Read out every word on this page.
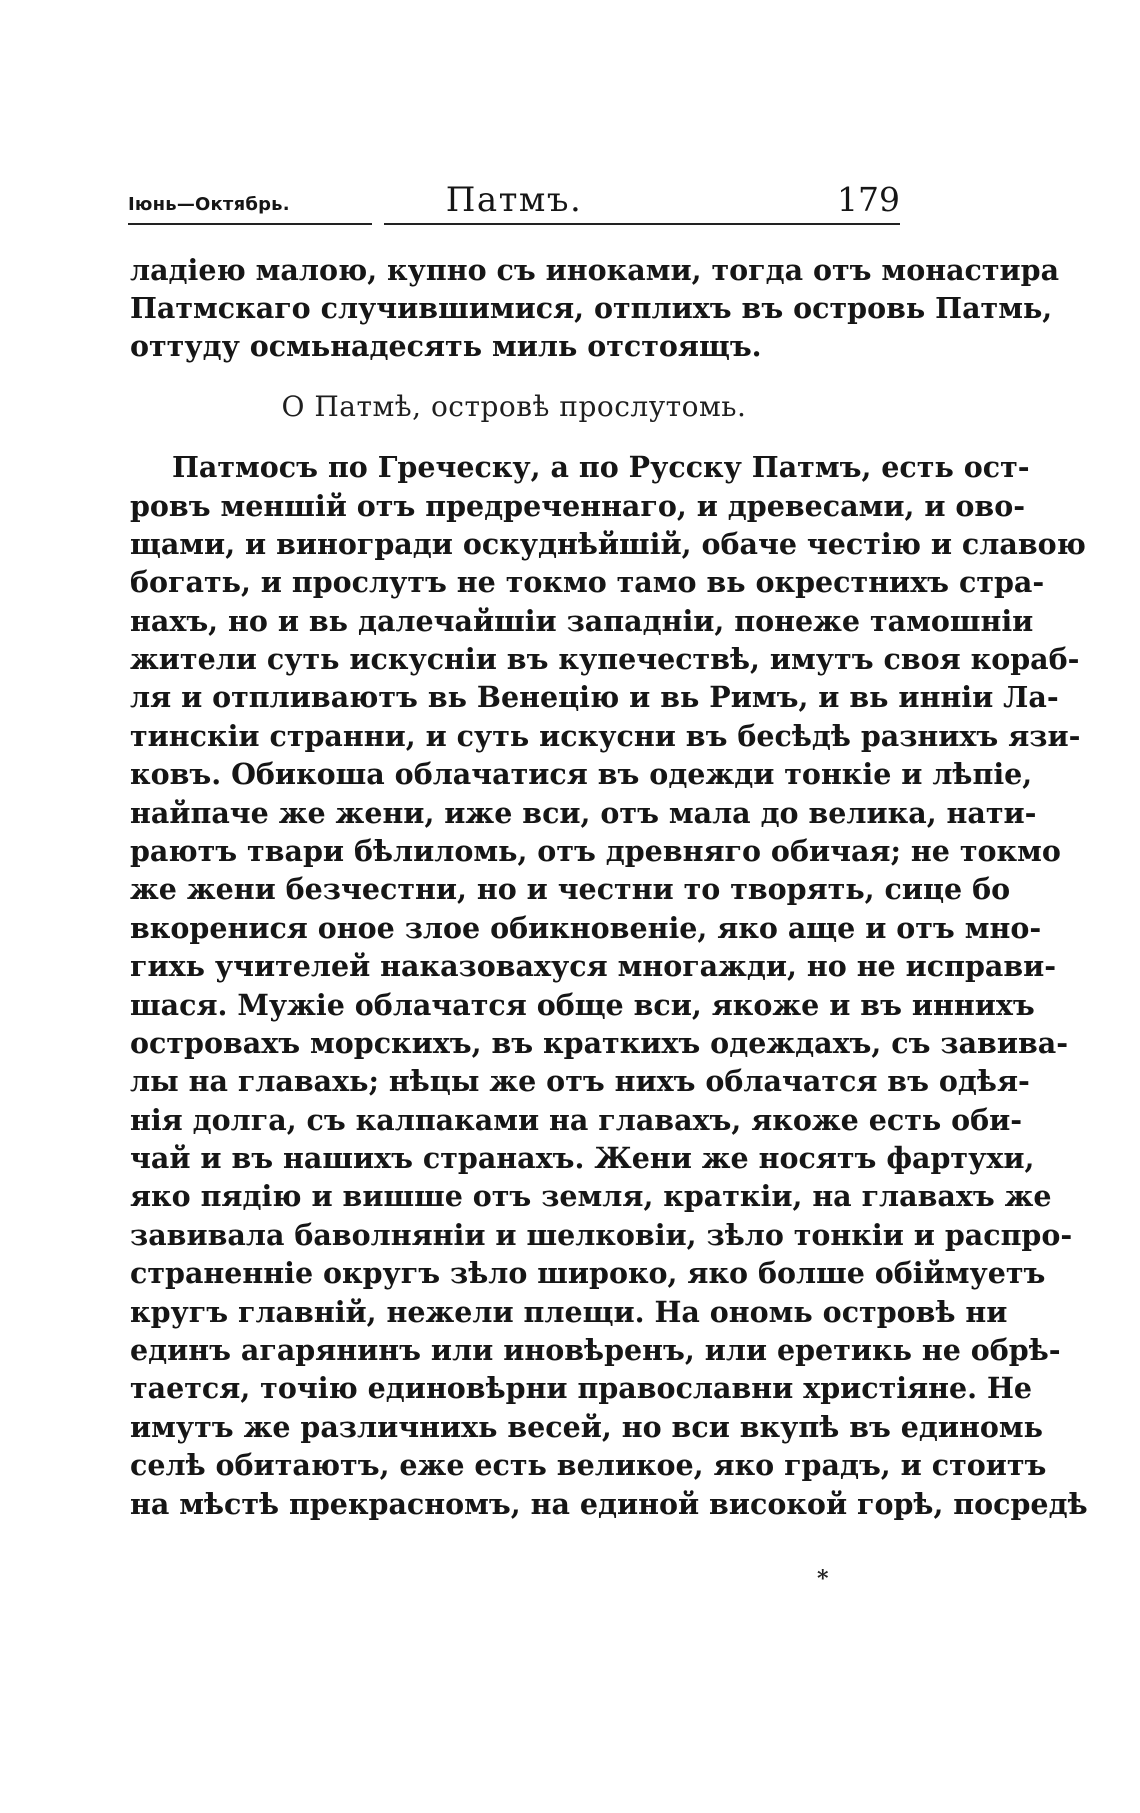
Іюнь—Октябрь.	Патмъ.	179
ладіею малою, купно съ иноками, тогда отъ монастира
Патмскаго случившимися, отплихъ въ островь Патмь,
оттуду осмьнадесять миль отстоящъ.
О Патмѣ, островѣ прослутомь.
Патмосъ по Греческу, а по Русску Патмъ, есть ост-
ровъ меншій отъ предреченнаго, и древесами, и ово-
щами, и виногради оскуднѣйшій, обаче честію и славою
богать, и прослутъ не токмо тамо вь окрестнихъ стра-
нахъ, но и вь далечайшіи западніи, понеже тамошніи
жители суть искусніи въ купечествѣ, имутъ своя кораб-
ля и отпливаютъ вь Венецію и вь Римъ, и вь инніи Ла-
тинскіи странни, и суть искусни въ бесѣдѣ разнихъ язи-
ковъ. Обикоша облачатися въ одежди тонкіе и лѣпіе,
найпаче же жени, иже вси, отъ мала до велика, нати-
раютъ твари бѣлиломь, отъ древняго обичая; не токмо
же жени безчестни, но и честни то творять, сице бо
вкоренися оное злое обикновеніе, яко аще и отъ мно-
гихь учителей наказовахуся многажди, но не исправи-
шася. Мужіе облачатся обще вси, якоже и въ иннихъ
островахъ морскихъ, въ краткихъ одеждахъ, съ завива-
лы на главахь; нѣцы же отъ нихъ облачатся въ одѣя-
нія долга, съ калпаками на главахъ, якоже есть оби-
чай и въ нашихъ странахъ. Жени же носятъ фартухи,
яко пядію и вишше отъ земля, краткіи, на главахъ же
завивала баволняніи и шелковіи, зѣло тонкіи и распро-
страненніе округъ зѣло широко, яко болше обіймуетъ
кругъ главній, нежели плещи. На ономь островѣ ни
единъ агарянинъ или иновѣренъ, или еретикь не обрѣ-
тается, точію единовѣрни православни христіяне. Не
имутъ же различнихь весей, но вси вкупѣ въ единомь
селѣ обитаютъ, еже есть великое, яко градъ, и стоитъ
на мѣстѣ прекрасномъ, на единой високой горѣ, посредѣ
*
